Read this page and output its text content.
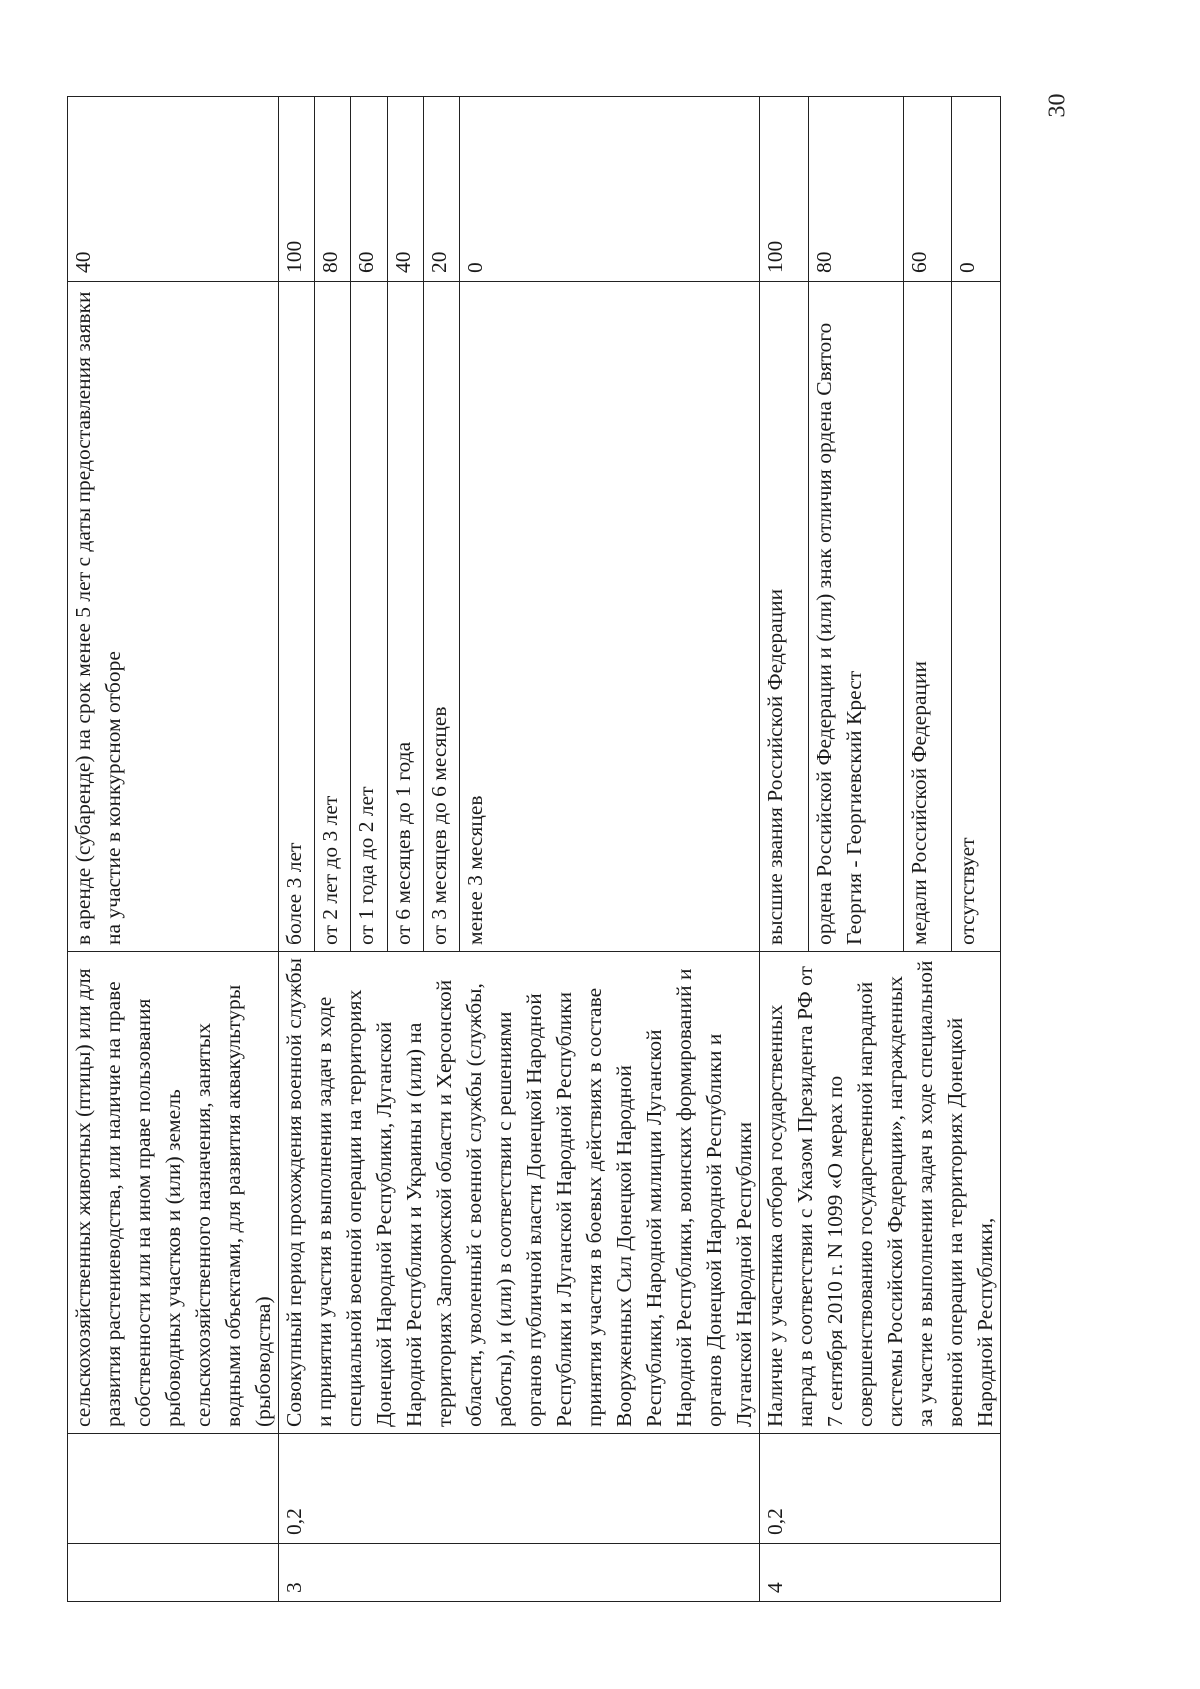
30
		сельскохозяйственных животных (птицы) или для развития растениеводства, или наличие на праве собственности или на ином праве пользования рыбоводных участков и (или) земель сельскохозяйственного назначения, занятых водными объектами, для развития аквакультуры (рыбоводства)	в аренде (субаренде) на срок менее 5 лет с даты предоставления заявки на участие в конкурсном отборе	40
3	0,2	Совокупный период прохождения военной службы и принятии участия в выполнении задач в ходе специальной военной операции на территориях Донецкой Народной Республики, Луганской Народной Республики и Украины и (или) на территориях Запорожской области и Херсонской области, уволенный с военной службы (службы, работы), и (или) в соответствии с решениями органов публичной власти Донецкой Народной Республики и Луганской Народной Республики принятия участия в боевых действиях в составе Вооруженных Сил Донецкой Народной Республики, Народной милиции Луганской Народной Республики, воинских формирований и органов Донецкой Народной Республики и Луганской Народной Республики	более 3 лет	100
			от 2 лет до 3 лет	80
			от 1 года до 2 лет	60
			от 6 месяцев до 1 года	40
			от 3 месяцев до 6 месяцев	20
			менее 3 месяцев	0
4	0,2	Наличие у участника отбора государственных наград в соответствии с Указом Президента РФ от 7 сентября 2010 г. N 1099 «О мерах по совершенствованию государственной наградной системы Российской Федерации», награжденных за участие в выполнении задач в ходе специальной военной операции на территориях Донецкой Народной Республики,	высшие звания Российской Федерации	100
			ордена Российской Федерации и (или) знак отличия ордена Святого Георгия - Георгиевский Крест	80
			медали Российской Федерации	60
			отсутствует	0
